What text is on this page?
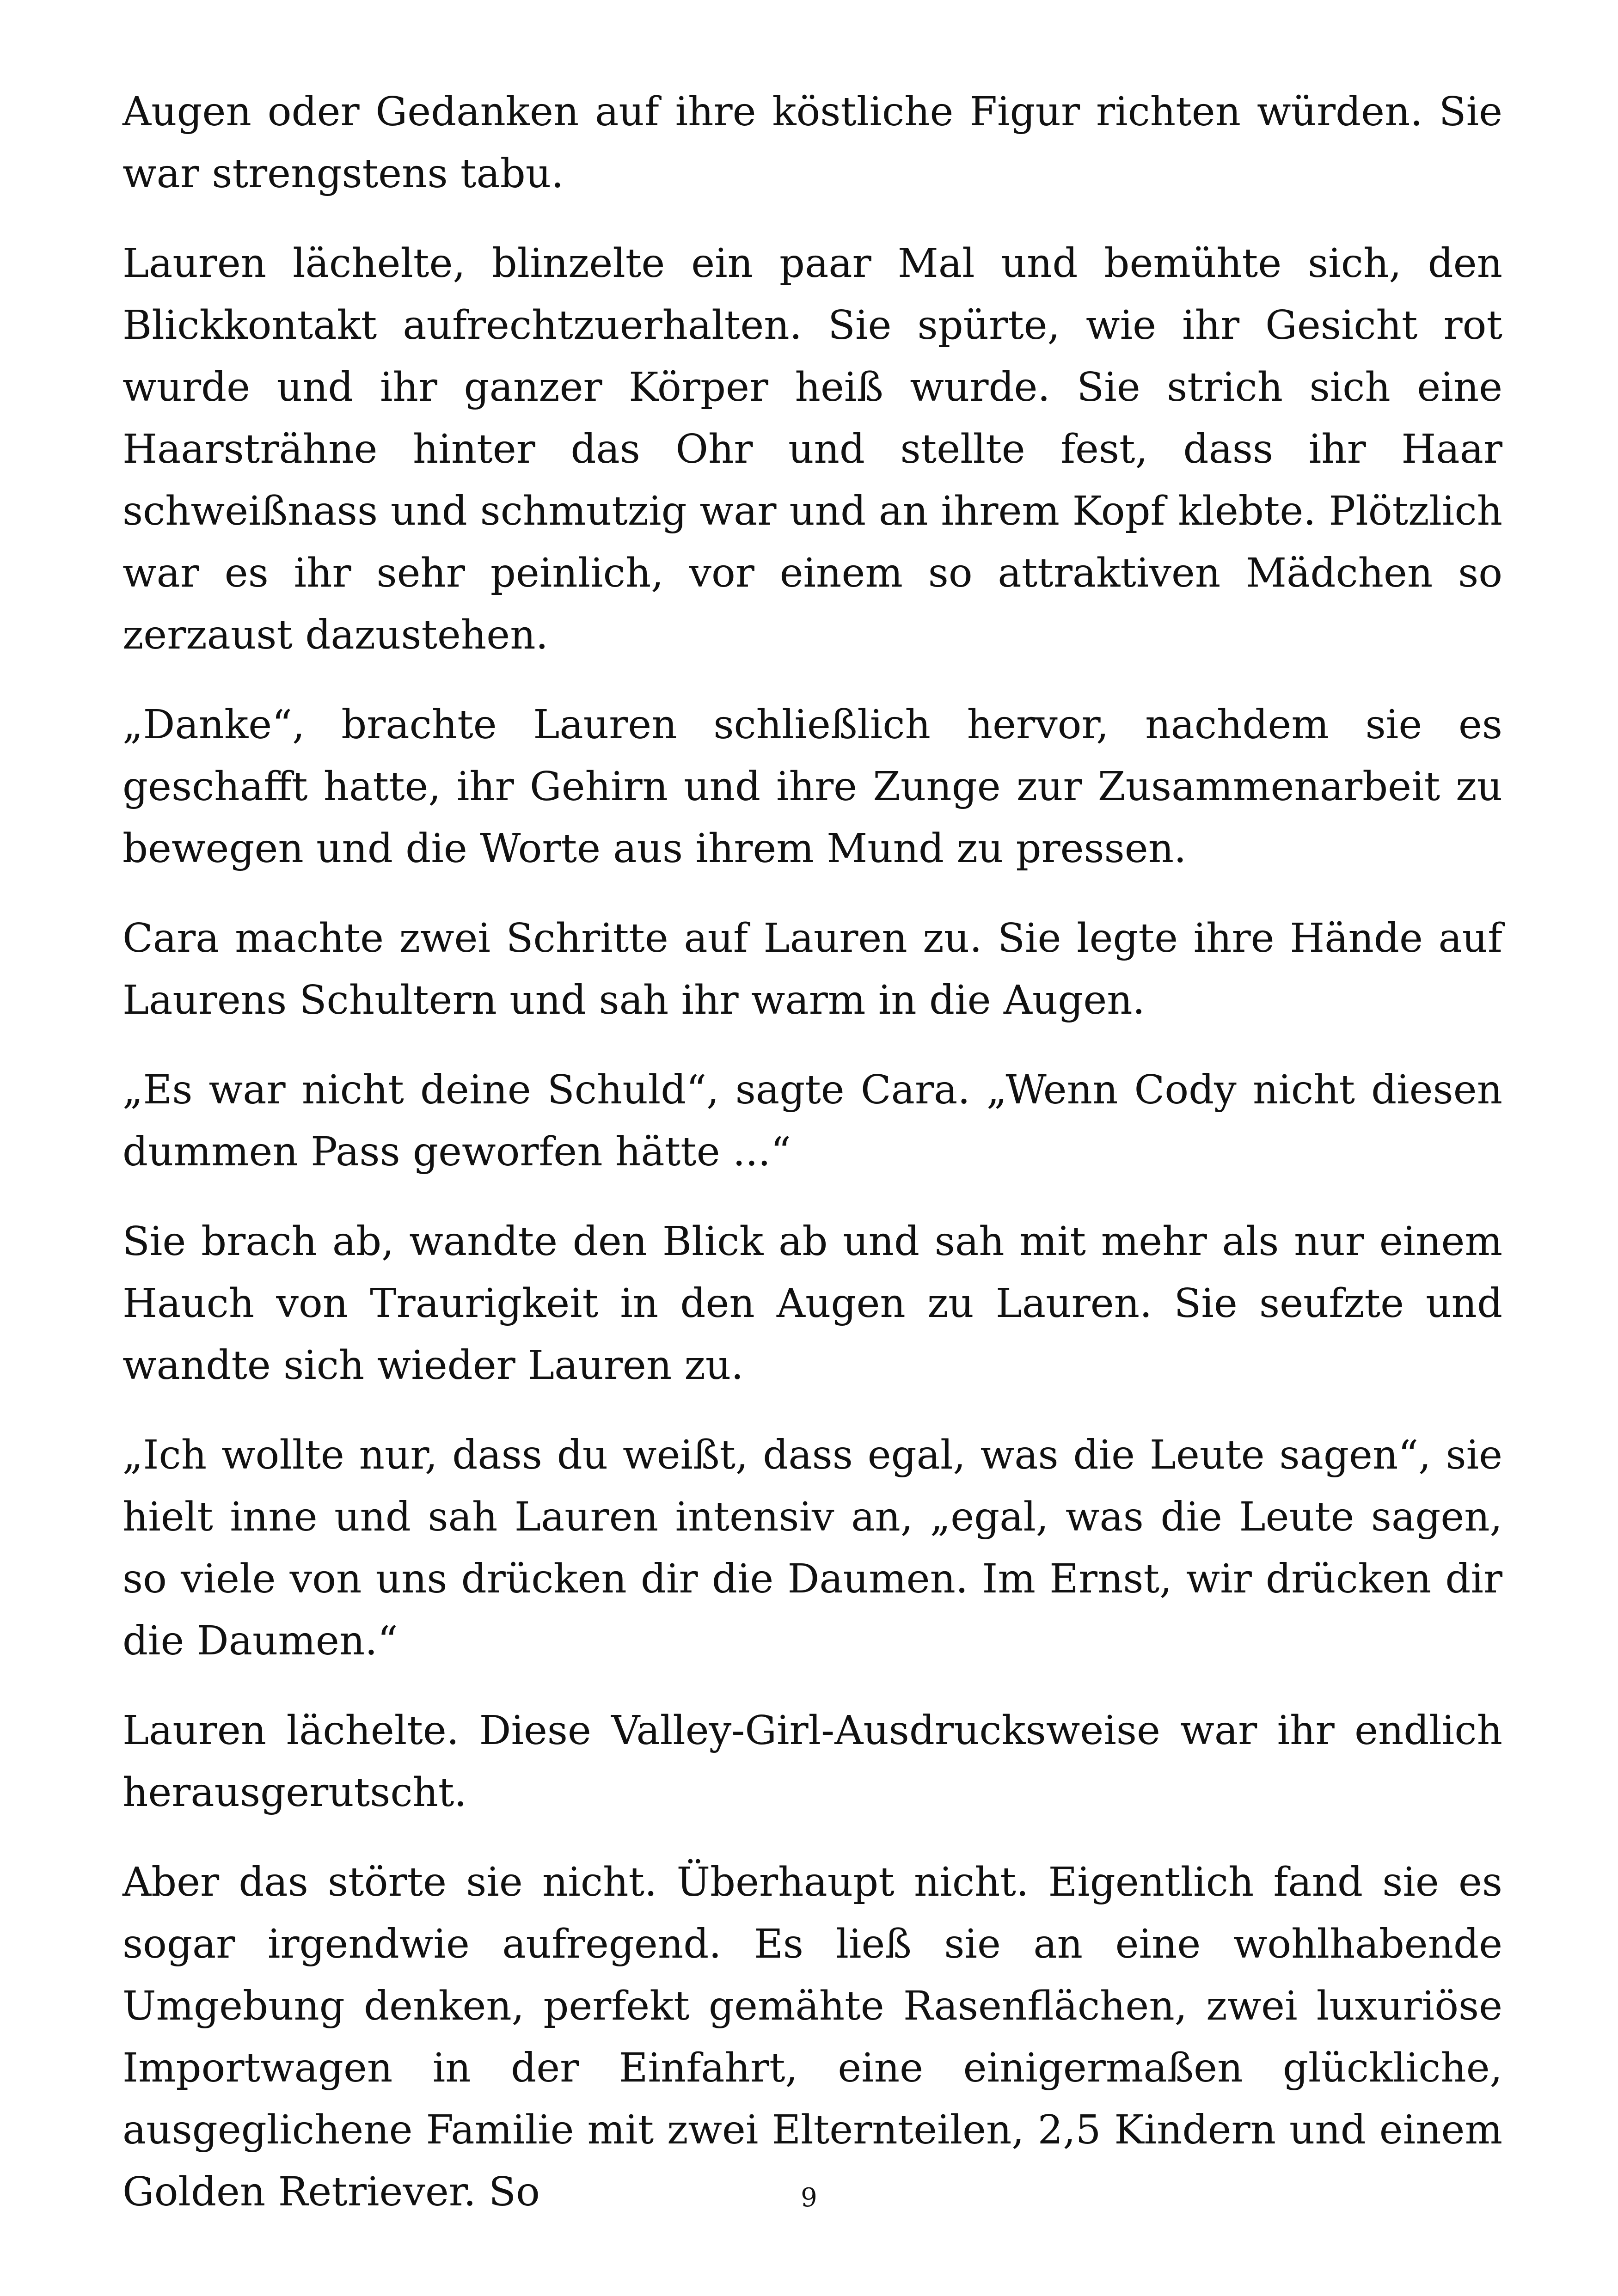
Augen oder Gedanken auf ihre köstliche Figur richten würden. Sie war strengstens tabu.

Lauren lächelte, blinzelte ein paar Mal und bemühte sich, den Blickkontakt aufrechtzuerhalten. Sie spürte, wie ihr Gesicht rot wurde und ihr ganzer Körper heiß wurde. Sie strich sich eine Haarsträhne hinter das Ohr und stellte fest, dass ihr Haar schweißnass und schmutzig war und an ihrem Kopf klebte. Plötzlich war es ihr sehr peinlich, vor einem so attraktiven Mädchen so zerzaust dazustehen.

„Danke“, brachte Lauren schließlich hervor, nachdem sie es geschafft hatte, ihr Gehirn und ihre Zunge zur Zusammenarbeit zu bewegen und die Worte aus ihrem Mund zu pressen.

Cara machte zwei Schritte auf Lauren zu. Sie legte ihre Hände auf Laurens Schultern und sah ihr warm in die Augen.

„Es war nicht deine Schuld“, sagte Cara. „Wenn Cody nicht diesen dummen Pass geworfen hätte ...“

Sie brach ab, wandte den Blick ab und sah mit mehr als nur einem Hauch von Traurigkeit in den Augen zu Lauren. Sie seufzte und wandte sich wieder Lauren zu.

„Ich wollte nur, dass du weißt, dass egal, was die Leute sagen“, sie hielt inne und sah Lauren intensiv an, „egal, was die Leute sagen, so viele von uns drücken dir die Daumen. Im Ernst, wir drücken dir die Daumen.“

Lauren lächelte. Diese Valley-Girl-Ausdrucksweise war ihr endlich herausgerutscht.

Aber das störte sie nicht. Überhaupt nicht. Eigentlich fand sie es sogar irgendwie aufregend. Es ließ sie an eine wohlhabende Umgebung denken, perfekt gemähte Rasenflächen, zwei luxuriöse Importwagen in der Einfahrt, eine einigermaßen glückliche, ausgeglichene Familie mit zwei Elternteilen, 2,5 Kindern und einem Golden Retriever. So	9
